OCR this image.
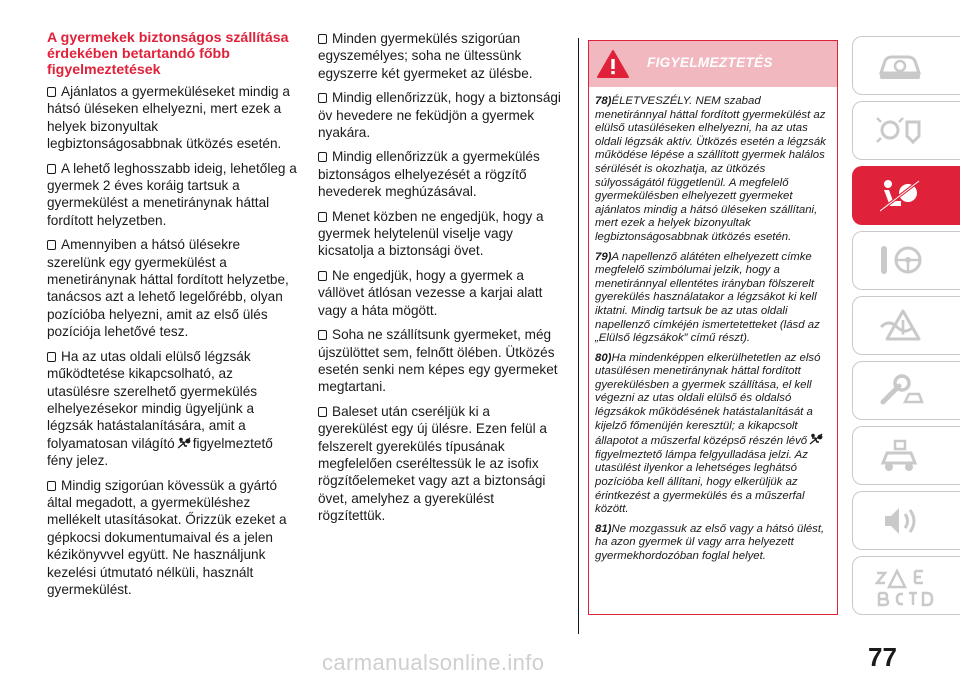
A gyermekek biztonságos szállítása érdekében betartandó főbb figyelmeztetések

Ajánlatos a gyermeküléseket mindig a hátsó üléseken elhelyezni, mert ezek a helyek bizonyultak legbiztonságosabbnak ütközés esetén.

A lehető leghosszabb ideig, lehetőleg a gyermek 2 éves koráig tartsuk a gyermekülést a menetiránynak háttal fordított helyzetben.

Amennyiben a hátsó ülésekre szerelünk egy gyermekülést a menetiránynak háttal fordított helyzetbe, tanácsos azt a lehető legelőrébb, olyan pozícióba helyezni, amit az első ülés pozíciója lehetővé tesz.

Ha az utas oldali elülső légzsák működtetése kikapcsolható, az utasülésre szerelhető gyermekülés elhelyezésekor mindig ügyeljünk a légzsák hatástalanítására, amit a folyamatosan világító figyelmeztető fény jelez.

Mindig szigorúan kövessük a gyártó által megadott, a gyermeküléshez mellékelt utasításokat. Őrizzük ezeket a gépkocsi dokumentumaival és a jelen kézikönyvvel együtt. Ne használjunk kezelési útmutató nélküli, használt gyermekülést.

Minden gyermekülés szigorúan egyszemélyes; soha ne ültessünk egyszerre két gyermeket az ülésbe.

Mindig ellenőrizzük, hogy a biztonsági öv hevedere ne feküdjön a gyermek nyakára.

Mindig ellenőrizzük a gyermekülés biztonságos elhelyezését a rögzítő hevederek meghúzásával.

Menet közben ne engedjük, hogy a gyermek helytelenül viselje vagy kicsatolja a biztonsági övet.

Ne engedjük, hogy a gyermek a vállövet átlósan vezesse a karjai alatt vagy a háta mögött.

Soha ne szállítsunk gyermeket, még újszülöttet sem, felnőtt ölében. Ütközés esetén senki nem képes egy gyermeket megtartani.

Baleset után cseréljük ki a gyerekülést egy új ülésre. Ezen felül a felszerelt gyerekülés típusának megfelelően cseréltessük le az isofix rögzítőelemeket vagy azt a biztonsági övet, amelyhez a gyerekülést rögzítettük.

FIGYELMEZTETÉS

78)ÉLETVESZÉLY. NEM szabad menetiránnyal háttal fordított gyermekülést az elülső utasüléseken elhelyezni, ha az utas oldali légzsák aktív. Ütközés esetén a légzsák működése lépése a szállított gyermek halálos sérülését is okozhatja, az ütközés súlyosságától függetlenül. A megfelelő gyermekülésben elhelyezett gyermeket ajánlatos mindig a hátsó üléseken szállítani, mert ezek a helyek bizonyultak legbiztonságosabbnak ütközés esetén.

79)A napellenző alátéten elhelyezett címke megfelelő szimbólumai jelzik, hogy a menetiránnyal ellentétes irányban fölszerelt gyerekülés használatakor a légzsákot ki kell iktatni. Mindig tartsuk be az utas oldali napellenző címkéjén ismertetetteket (lásd az „Elülső légzsákok” című részt).

80)Ha mindenképpen elkerülhetetlen az elsó utasülésen menetiránynak háttal fordított gyerekülésben a gyermek szállítása, el kell végezni az utas oldali elülső és oldalsó légzsákok működésének hatástalanítását a kijelző főmenüjén keresztül; a kikapcsolt állapotot a műszerfal középső részén lévőfigyelmeztető lámpa felgyulladása jelzi. Az utasülést ilyenkor a lehetséges leghátsó pozícióba kell állítani, hogy elkerüljük az érintkezést a gyermekülés és a műszerfal között.

81)Ne mozgassuk az első vagy a hátsó ülést, ha azon gyermek ül vagy arra helyezett gyermekhordozóban foglal helyet.

77
carmanualsonline.info
